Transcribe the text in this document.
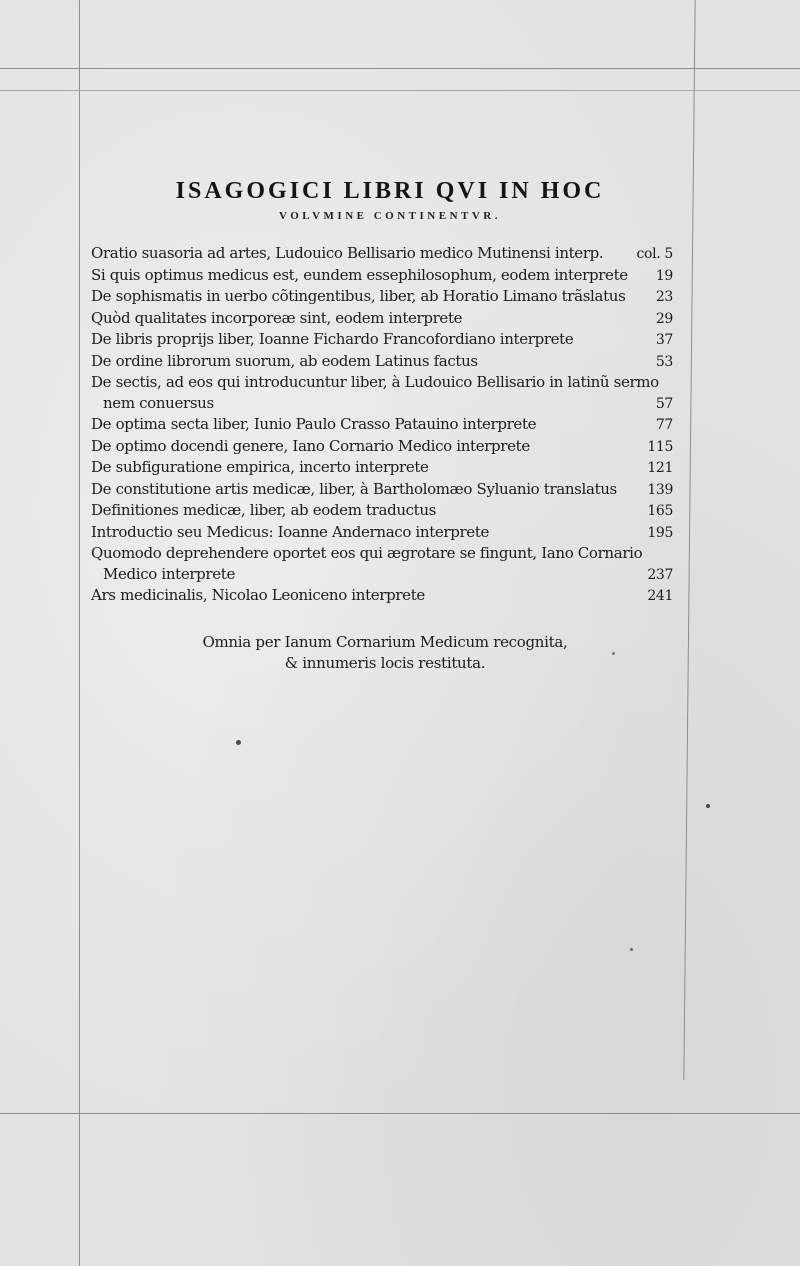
ISAGOGICI LIBRI QVI IN HOC
VOLVMINE CONTINENTVR.
Oratio suasoria ad artes, Ludouico Bellisario medico Mutinensi interp.	col. 5
Si quis optimus medicus est, eundem essephilosophum, eodem interprete	19
De sophismatis in uerbo cõtingentibus, liber, ab Horatio Limano trãslatus	23
Quòd qualitates incorporeæ sint, eodem interprete	29
De libris proprijs liber, Ioanne Fichardo Francofordiano interprete	37
De ordine librorum suorum, ab eodem Latinus factus	53
De sectis, ad eos qui introducuntur liber, à Ludouico Bellisario in latinũ sermo
nem conuersus	57
De optima secta liber, Iunio Paulo Crasso Patauino interprete	77
De optimo docendi genere, Iano Cornario Medico interprete	115
De subfiguratione empirica, incerto interprete	121
De constitutione artis medicæ, liber, à Bartholomæo Syluanio translatus	139
Definitiones medicæ, liber, ab eodem traductus	165
Introductio seu Medicus: Ioanne Andernaco interprete	195
Quomodo deprehendere oportet eos qui ægrotare se fingunt, Iano Cornario
Medico interprete	237
Ars medicinalis, Nicolao Leoniceno interprete	241
Omnia per Ianum Cornarium Medicum recognita,
& innumeris locis restituta.
